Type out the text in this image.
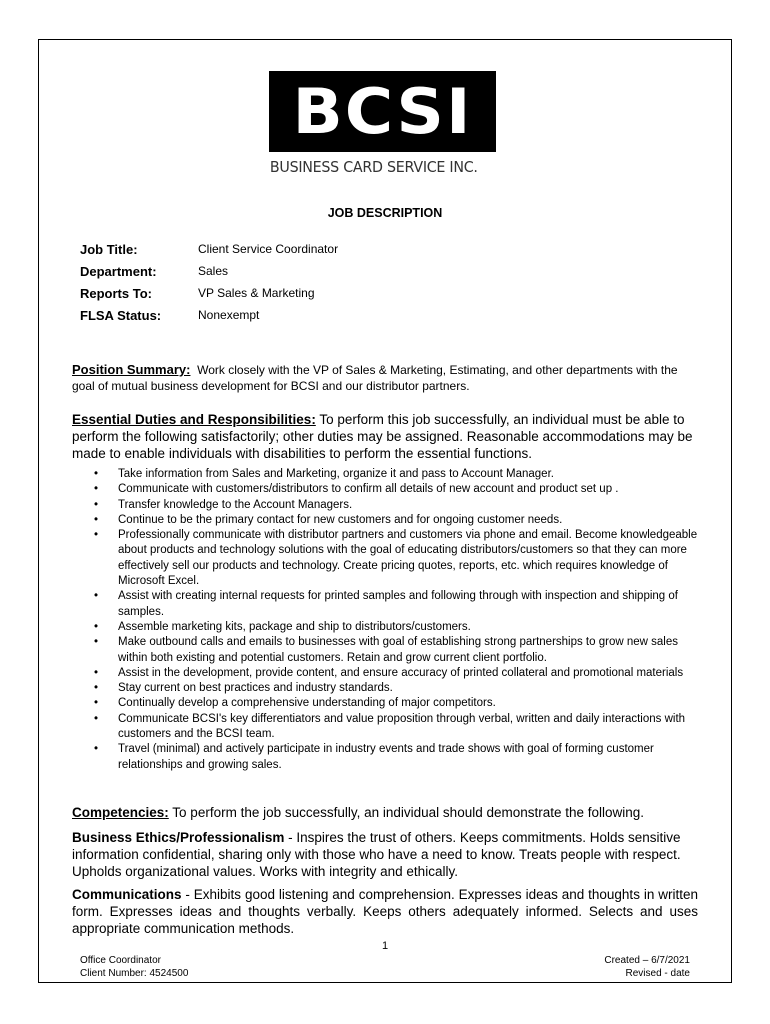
BCSI
BUSINESS CARD SERVICE INC.
JOB DESCRIPTION
Job Title:	Client Service Coordinator
Department:	Sales
Reports To:	VP Sales & Marketing
FLSA Status:	Nonexempt
Position Summary: Work closely with the VP of Sales & Marketing, Estimating, and other departments with the goal of mutual business development for BCSI and our distributor partners.
Essential Duties and Responsibilities: To perform this job successfully, an individual must be able to perform the following satisfactorily; other duties may be assigned. Reasonable accommodations may be made to enable individuals with disabilities to perform the essential functions.
• Take information from Sales and Marketing, organize it and pass to Account Manager.
• Communicate with customers/distributors to confirm all details of new account and product set up .
• Transfer knowledge to the Account Managers.
• Continue to be the primary contact for new customers and for ongoing customer needs.
• Professionally communicate with distributor partners and customers via phone and email. Become knowledgeable about products and technology solutions with the goal of educating distributors/customers so that they can more effectively sell our products and technology. Create pricing quotes, reports, etc. which requires knowledge of Microsoft Excel.
• Assist with creating internal requests for printed samples and following through with inspection and shipping of samples.
• Assemble marketing kits, package and ship to distributors/customers.
• Make outbound calls and emails to businesses with goal of establishing strong partnerships to grow new sales within both existing and potential customers. Retain and grow current client portfolio.
• Assist in the development, provide content, and ensure accuracy of printed collateral and promotional materials
• Stay current on best practices and industry standards.
• Continually develop a comprehensive understanding of major competitors.
• Communicate BCSI's key differentiators and value proposition through verbal, written and daily interactions with customers and the BCSI team.
• Travel (minimal) and actively participate in industry events and trade shows with goal of forming customer relationships and growing sales.
Competencies: To perform the job successfully, an individual should demonstrate the following.
Business Ethics/Professionalism - Inspires the trust of others. Keeps commitments. Holds sensitive information confidential, sharing only with those who have a need to know. Treats people with respect. Upholds organizational values. Works with integrity and ethically.
Communications - Exhibits good listening and comprehension. Expresses ideas and thoughts in written form. Expresses ideas and thoughts verbally. Keeps others adequately informed. Selects and uses appropriate communication methods.
1
Office Coordinator
Client Number: 4524500
Created – 6/7/2021
Revised - date
